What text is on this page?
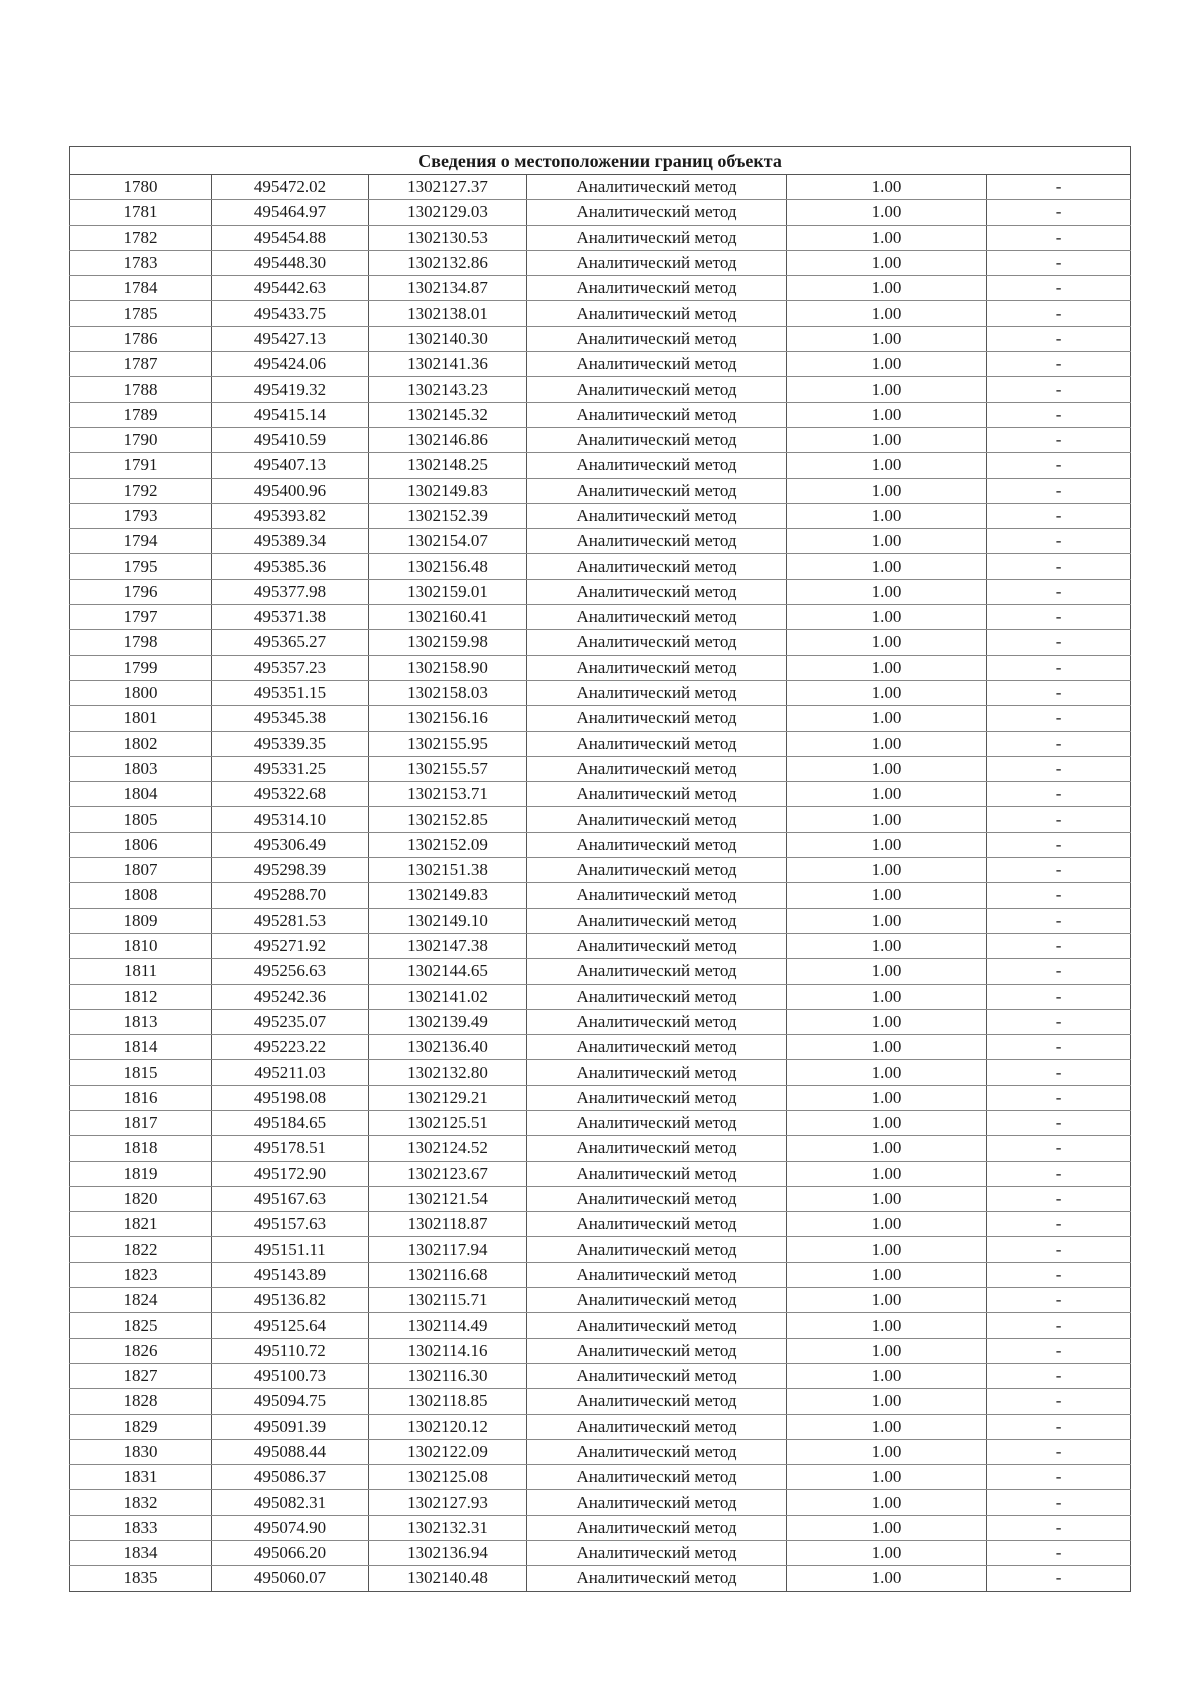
Сведения о местоположении границ объекта					
1780	495472.02	1302127.37	Аналитический метод	1.00	-
1781	495464.97	1302129.03	Аналитический метод	1.00	-
1782	495454.88	1302130.53	Аналитический метод	1.00	-
1783	495448.30	1302132.86	Аналитический метод	1.00	-
1784	495442.63	1302134.87	Аналитический метод	1.00	-
1785	495433.75	1302138.01	Аналитический метод	1.00	-
1786	495427.13	1302140.30	Аналитический метод	1.00	-
1787	495424.06	1302141.36	Аналитический метод	1.00	-
1788	495419.32	1302143.23	Аналитический метод	1.00	-
1789	495415.14	1302145.32	Аналитический метод	1.00	-
1790	495410.59	1302146.86	Аналитический метод	1.00	-
1791	495407.13	1302148.25	Аналитический метод	1.00	-
1792	495400.96	1302149.83	Аналитический метод	1.00	-
1793	495393.82	1302152.39	Аналитический метод	1.00	-
1794	495389.34	1302154.07	Аналитический метод	1.00	-
1795	495385.36	1302156.48	Аналитический метод	1.00	-
1796	495377.98	1302159.01	Аналитический метод	1.00	-
1797	495371.38	1302160.41	Аналитический метод	1.00	-
1798	495365.27	1302159.98	Аналитический метод	1.00	-
1799	495357.23	1302158.90	Аналитический метод	1.00	-
1800	495351.15	1302158.03	Аналитический метод	1.00	-
1801	495345.38	1302156.16	Аналитический метод	1.00	-
1802	495339.35	1302155.95	Аналитический метод	1.00	-
1803	495331.25	1302155.57	Аналитический метод	1.00	-
1804	495322.68	1302153.71	Аналитический метод	1.00	-
1805	495314.10	1302152.85	Аналитический метод	1.00	-
1806	495306.49	1302152.09	Аналитический метод	1.00	-
1807	495298.39	1302151.38	Аналитический метод	1.00	-
1808	495288.70	1302149.83	Аналитический метод	1.00	-
1809	495281.53	1302149.10	Аналитический метод	1.00	-
1810	495271.92	1302147.38	Аналитический метод	1.00	-
1811	495256.63	1302144.65	Аналитический метод	1.00	-
1812	495242.36	1302141.02	Аналитический метод	1.00	-
1813	495235.07	1302139.49	Аналитический метод	1.00	-
1814	495223.22	1302136.40	Аналитический метод	1.00	-
1815	495211.03	1302132.80	Аналитический метод	1.00	-
1816	495198.08	1302129.21	Аналитический метод	1.00	-
1817	495184.65	1302125.51	Аналитический метод	1.00	-
1818	495178.51	1302124.52	Аналитический метод	1.00	-
1819	495172.90	1302123.67	Аналитический метод	1.00	-
1820	495167.63	1302121.54	Аналитический метод	1.00	-
1821	495157.63	1302118.87	Аналитический метод	1.00	-
1822	495151.11	1302117.94	Аналитический метод	1.00	-
1823	495143.89	1302116.68	Аналитический метод	1.00	-
1824	495136.82	1302115.71	Аналитический метод	1.00	-
1825	495125.64	1302114.49	Аналитический метод	1.00	-
1826	495110.72	1302114.16	Аналитический метод	1.00	-
1827	495100.73	1302116.30	Аналитический метод	1.00	-
1828	495094.75	1302118.85	Аналитический метод	1.00	-
1829	495091.39	1302120.12	Аналитический метод	1.00	-
1830	495088.44	1302122.09	Аналитический метод	1.00	-
1831	495086.37	1302125.08	Аналитический метод	1.00	-
1832	495082.31	1302127.93	Аналитический метод	1.00	-
1833	495074.90	1302132.31	Аналитический метод	1.00	-
1834	495066.20	1302136.94	Аналитический метод	1.00	-
1835	495060.07	1302140.48	Аналитический метод	1.00	-
